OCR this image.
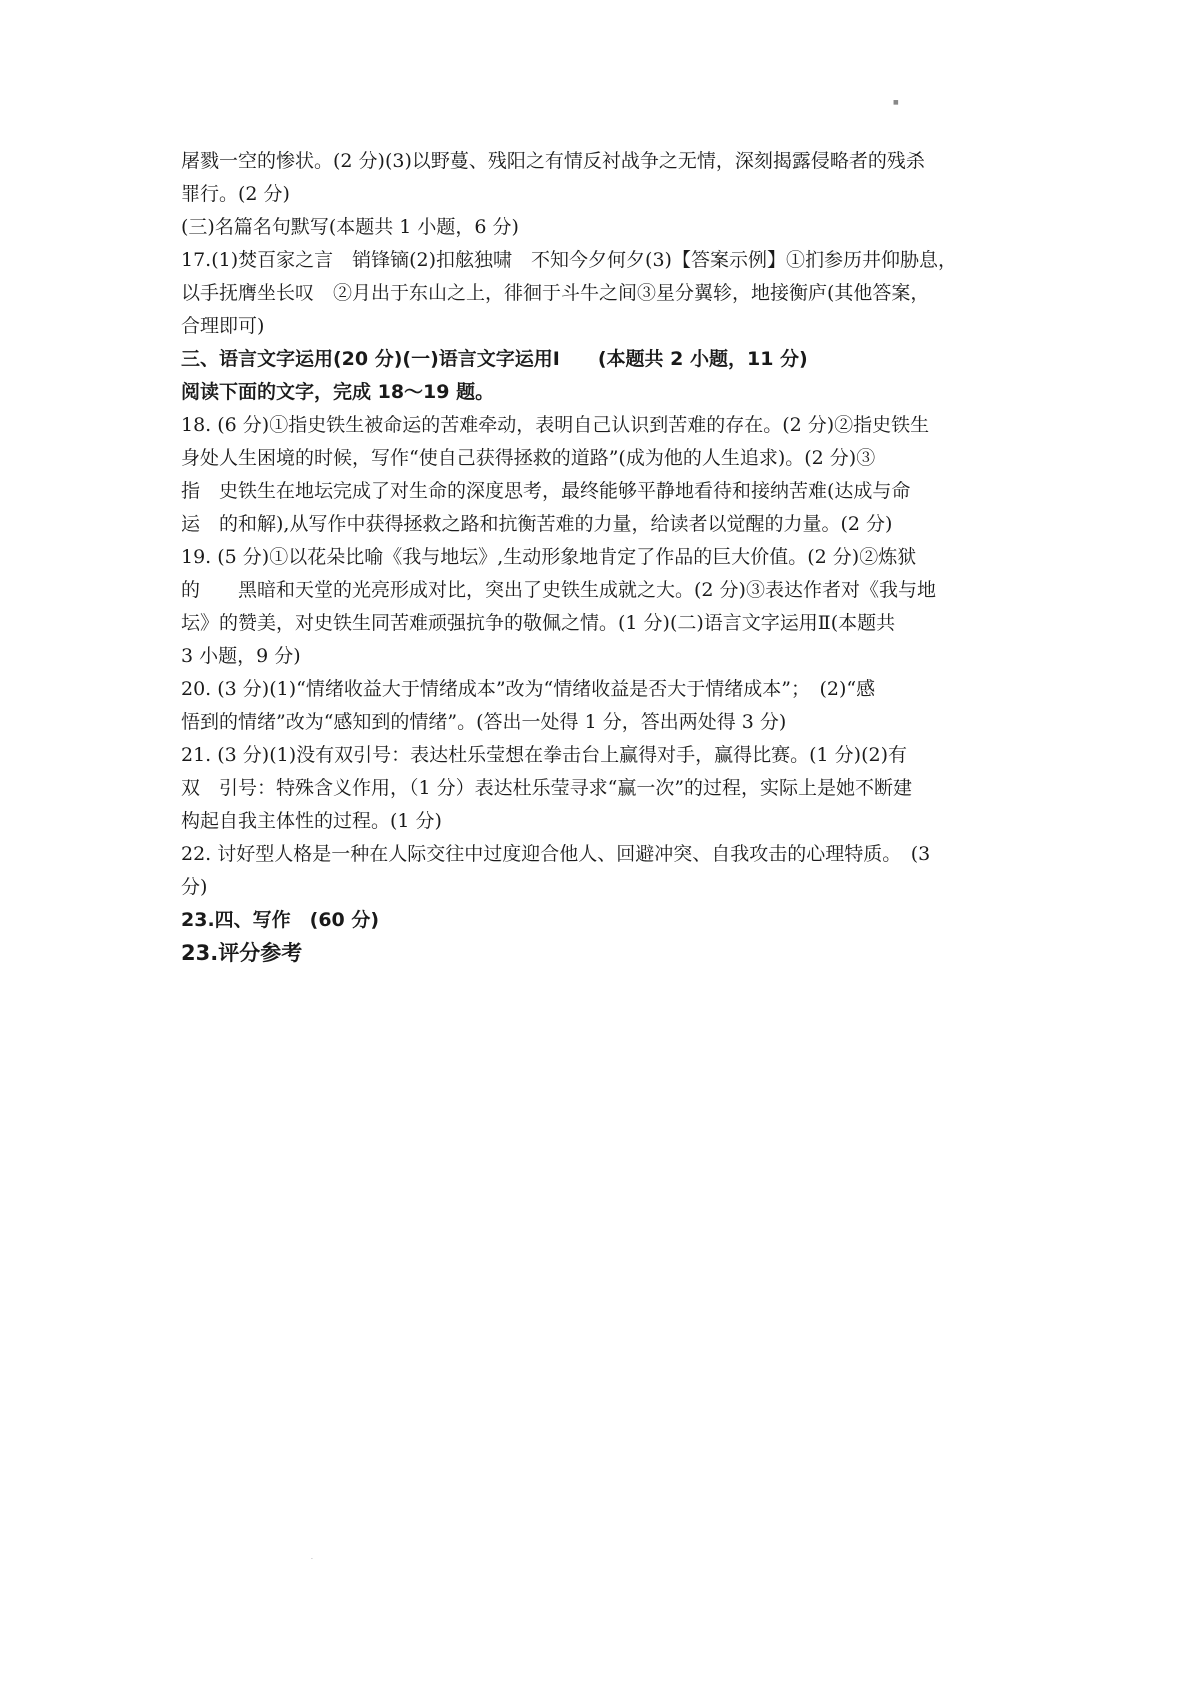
■
屠戮一空的惨状。(2 分)(3)以野蔓、残阳之有情反衬战争之无情，深刻揭露侵略者的残杀
罪行。(2 分)
(三)名篇名句默写(本题共 1 小题，6 分)
17.(1)焚百家之言　销锋镝(2)扣舷独啸　不知今夕何夕(3)【答案示例】①扪参历井仰胁息，
以手抚膺坐长叹　②月出于东山之上，徘徊于斗牛之间③星分翼轸，地接衡庐(其他答案，
合理即可)
三、语言文字运用(20 分)(一)语言文字运用Ⅰ　　(本题共 2 小题，11 分)
阅读下面的文字，完成 18～19 题。
18. (6 分)①指史铁生被命运的苦难牵动，表明自己认识到苦难的存在。(2 分)②指史铁生
身处人生困境的时候，写作“使自己获得拯救的道路”(成为他的人生追求)。(2 分)③
指　史铁生在地坛完成了对生命的深度思考，最终能够平静地看待和接纳苦难(达成与命
运　的和解),从写作中获得拯救之路和抗衡苦难的力量，给读者以觉醒的力量。(2 分)
19. (5 分)①以花朵比喻《我与地坛》,生动形象地肯定了作品的巨大价值。(2 分)②炼狱
的　　黑暗和天堂的光亮形成对比，突出了史铁生成就之大。(2 分)③表达作者对《我与地
坛》的赞美，对史铁生同苦难顽强抗争的敬佩之情。(1 分)(二)语言文字运用Ⅱ(本题共
3 小题，9 分)
20. (3 分)(1)“情绪收益大于情绪成本”改为“情绪收益是否大于情绪成本”；　(2)“感
悟到的情绪”改为“感知到的情绪”。(答出一处得 1 分，答出两处得 3 分)
21. (3 分)(1)没有双引号：表达杜乐莹想在拳击台上赢得对手，赢得比赛。(1 分)(2)有
双　引号：特殊含义作用，（1 分）表达杜乐莹寻求“赢一次”的过程，实际上是她不断建
构起自我主体性的过程。(1 分)
22. 讨好型人格是一种在人际交往中过度迎合他人、回避冲突、自我攻击的心理特质。　(3
分)
23.四、写作　(60 分)
23.评分参考
·
